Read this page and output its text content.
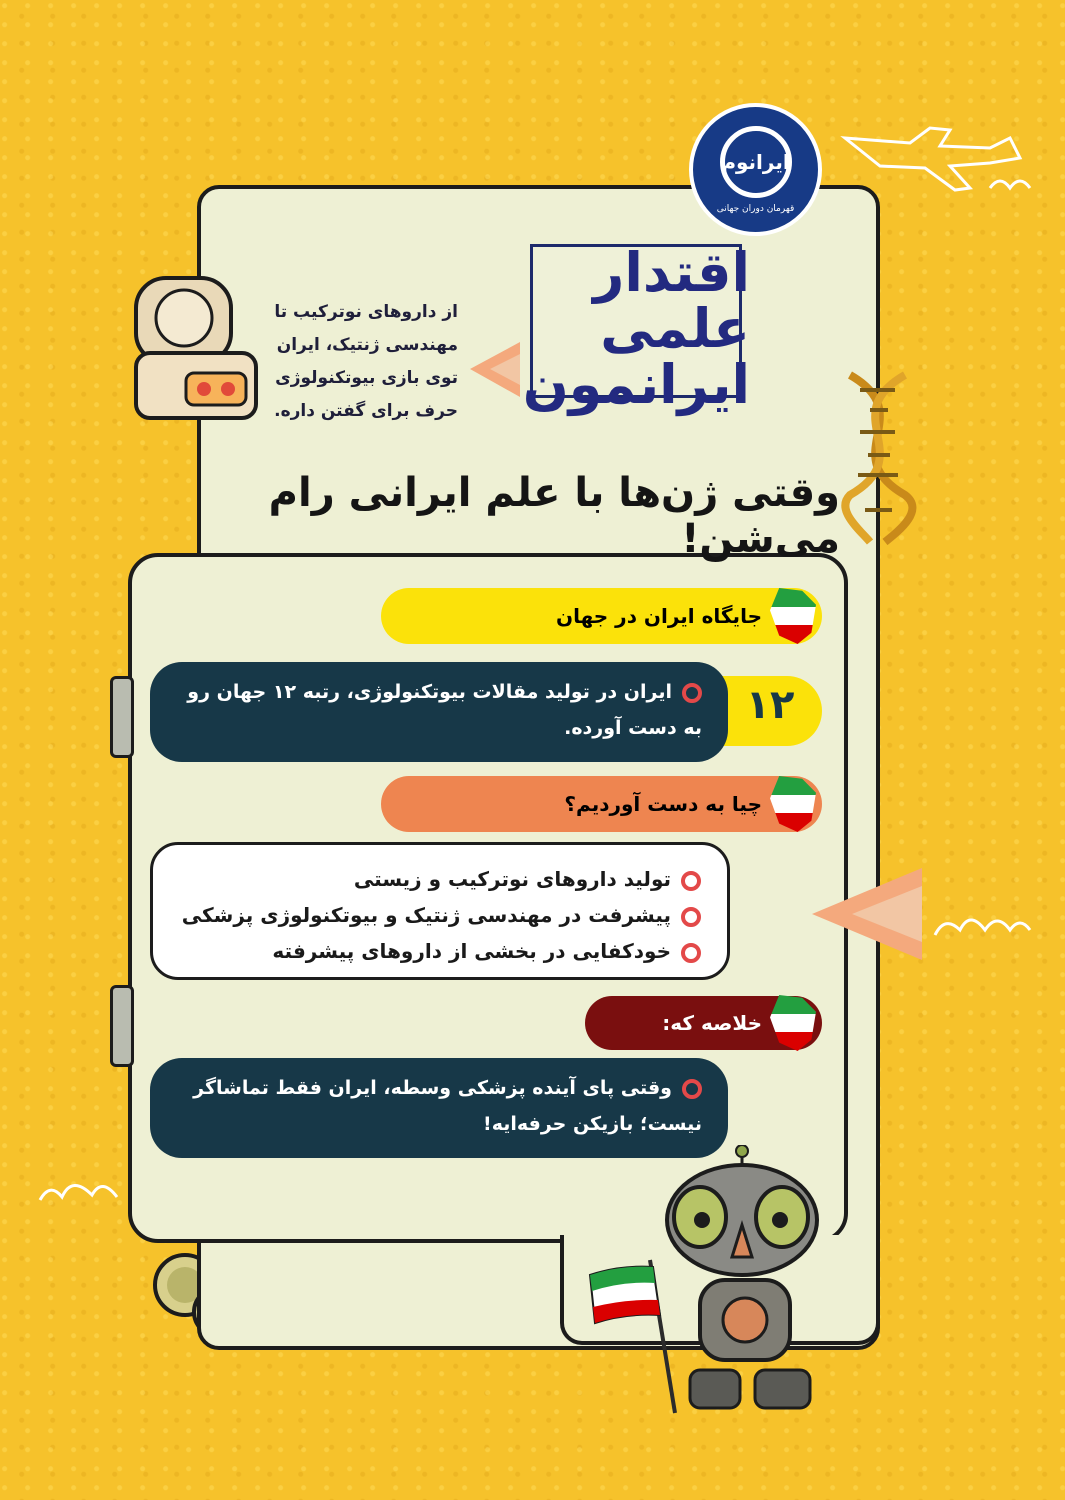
ایرانوم
قهرمان دوران جهانی
اقتدار
علمی
ایرانمون
از داروهای نوترکیب تا مهندسی ژنتیک، ایران توی بازی بیوتکنولوژی حرف برای گفتن داره.
وقتی ژن‌ها با علم ایرانی رام می‌شن!
جایگاه ایران در جهان
۱۲
ایران در تولید مقالات بیوتکنولوژی، رتبه ۱۲ جهان رو به دست آورده.
چیا به دست آوردیم؟
تولید داروهای نوترکیب و زیستی
پیشرفت در مهندسی ژنتیک و بیوتکنولوژی پزشکی
خودکفایی در بخشی از داروهای پیشرفته
خلاصه که:
وقتی پای آینده پزشکی وسطه، ایران فقط تماشاگر نیست؛ بازیکن حرفه‌ایه!
